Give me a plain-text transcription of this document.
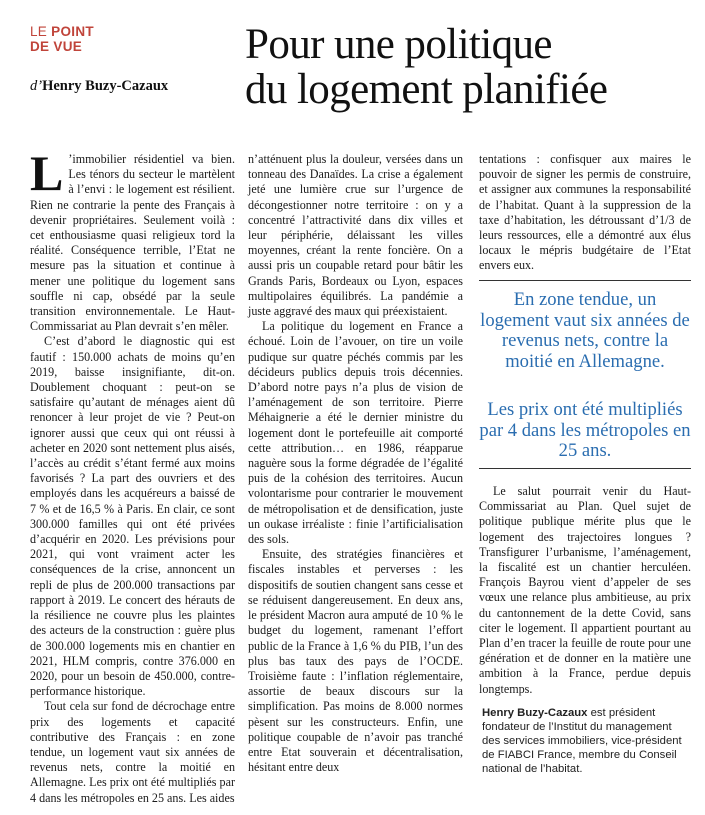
LE POINT
DE VUE
d’Henry Buzy-Cazaux
Pour une politique
du logement planifiée

L ’immobilier résidentiel va bien. Les ténors du secteur le martèlent à l’envi : le logement est résilient. Rien ne contrarie la pente des Français à devenir propriétaires. Seulement voilà : cet enthousiasme quasi religieux tord la réalité. Conséquence terrible, l’Etat ne mesure pas la situation et continue à mener une politique du logement sans souffle ni cap, obsédé par la seule transition environnementale. Le Haut-Commissariat au Plan devrait s’en mêler.

C’est d’abord le diagnostic qui est fautif : 150.000 achats de moins qu’en 2019, baisse insignifiante, dit-on. Doublement choquant : peut-on se satisfaire qu’autant de ménages aient dû renoncer à leur projet de vie ? Peut-on ignorer aussi que ceux qui ont réussi à acheter en 2020 sont nettement plus aisés, l’accès au crédit s’étant fermé aux moins favorisés ? La part des ouvriers et des employés dans les acquéreurs a baissé de 7 % et de 16,5 % à Paris. En clair, ce sont 300.000 familles qui ont été privées d’acquérir en 2020. Les prévisions pour 2021, qui vont vraiment acter les conséquences de la crise, annoncent un repli de plus de 200.000 transactions par rapport à 2019. Le concert des hérauts de la résilience ne couvre plus les plaintes des acteurs de la construction : guère plus de 300.000 logements mis en chantier en 2021, HLM compris, contre 376.000 en 2020, pour un besoin de 450.000, contre-performance historique.

Tout cela sur fond de décrochage entre prix des logements et capacité contributive des Français : en zone tendue, un logement vaut six années de revenus nets, contre la moitié en Allemagne. Les prix ont été multipliés par 4 dans les métropoles en 25 ans. Les aides

n’atténuent plus la douleur, versées dans un tonneau des Danaïdes. La crise a également jeté une lumière crue sur l’urgence de décongestionner notre territoire : on y a concentré l’attractivité dans dix villes et leur périphérie, délaissant les villes moyennes, créant la rente foncière. On a aussi pris un coupable retard pour bâtir les Grands Paris, Bordeaux ou Lyon, espaces multipolaires équilibrés. La pandémie a juste aggravé des maux qui préexistaient.

La politique du logement en France a échoué. Loin de l’avouer, on tire un voile pudique sur quatre péchés commis par les décideurs publics depuis trois décennies. D’abord notre pays n’a plus de vision de l’aménagement de son territoire. Pierre Méhaignerie a été le dernier ministre du logement dont le portefeuille ait comporté cette attribution… en 1986, réapparue naguère sous la forme dégradée de l’égalité puis de la cohésion des territoires. Aucun volontarisme pour contrarier le mouvement de métropolisation et de densification, juste un oukase irréaliste : finie l’artificialisation des sols.

Ensuite, des stratégies financières et fiscales instables et perverses : les dispositifs de soutien changent sans cesse et se réduisent dangereusement. En deux ans, le président Macron aura amputé de 10 % le budget du logement, ramenant l’effort public de la France à 1,6 % du PIB, l’un des plus bas taux des pays de l’OCDE. Troisième faute : l’inflation réglementaire, assortie de beaux discours sur la simplification. Pas moins de 8.000 normes pèsent sur les constructeurs. Enfin, une politique coupable de n’avoir pas tranché entre Etat souverain et décentralisation, hésitant entre deux

tentations : confisquer aux maires le pouvoir de signer les permis de construire, et assigner aux communes la responsabilité de l’habitat. Quant à la suppression de la taxe d’habitation, les détroussant d’1/3 de leurs ressources, elle a démontré aux élus locaux le mépris budgétaire de l’Etat envers eux.

En zone tendue, un logement vaut six années de revenus nets, contre la moitié en Allemagne.
Les prix ont été multipliés par 4 dans les métropoles en 25 ans.

Le salut pourrait venir du Haut-Commissariat au Plan. Quel sujet de politique publique mérite plus que le logement des trajectoires longues ? Transfigurer l’urbanisme, l’aménagement, la fiscalité est un chantier herculéen. François Bayrou vient d’appeler de ses vœux une relance plus ambitieuse, au prix du cantonnement de la dette Covid, sans citer le logement. Il appartient pourtant au Plan d’en tracer la feuille de route pour une génération et de donner en la matière une ambition à la France, perdue depuis longtemps.

Henry Buzy-Cazaux est président fondateur de l’Institut du management des services immobiliers, vice-président de FIABCI France, membre du Conseil national de l’habitat.
